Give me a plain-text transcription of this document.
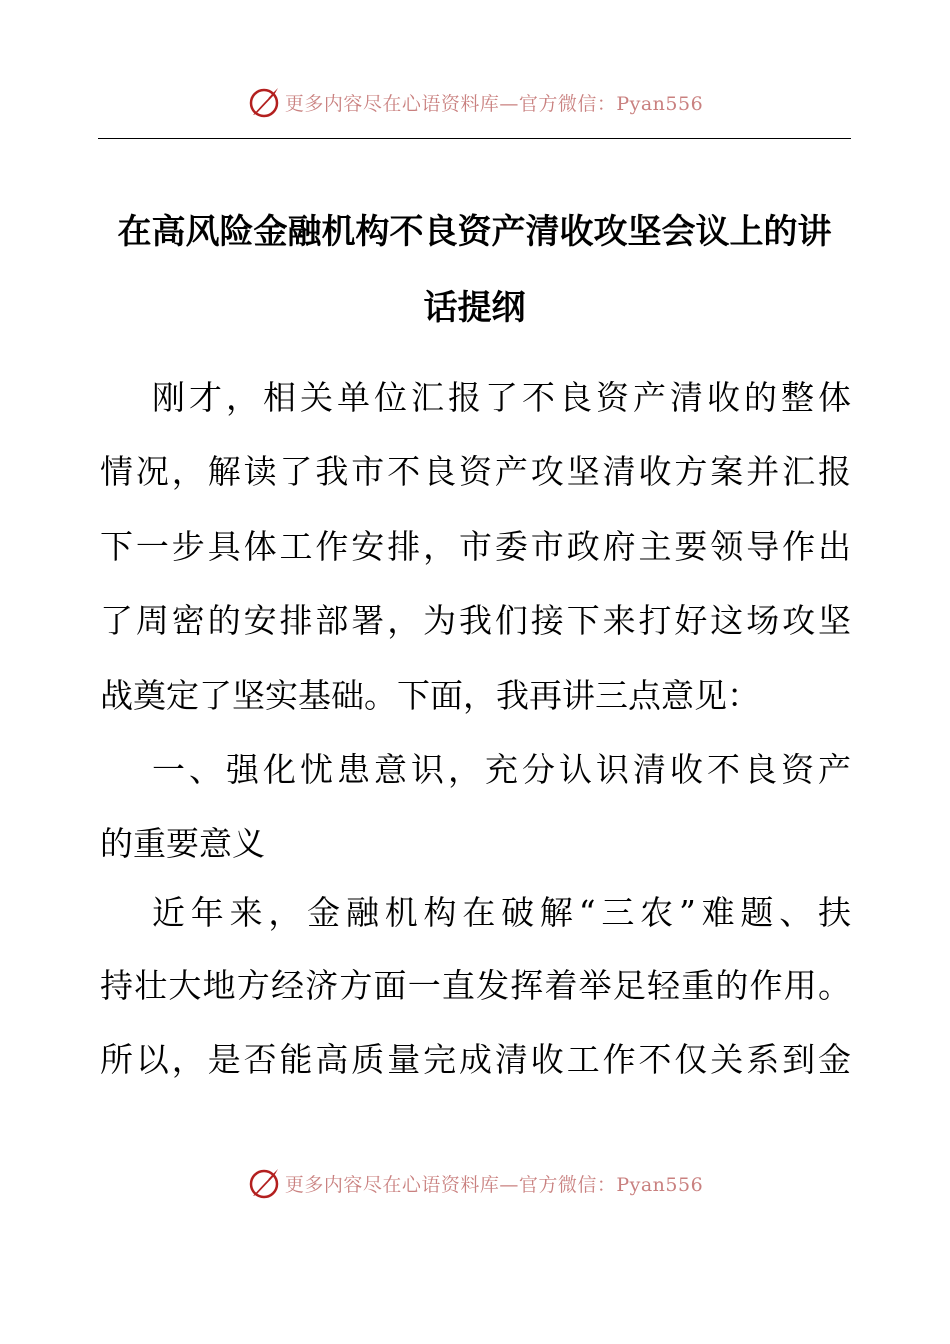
更多内容尽在心语资料库—官方微信：Pyan556
在高风险金融机构不良资产清收攻坚会议上的讲
话提纲
刚才，相关单位汇报了不良资产清收的整体
情况，解读了我市不良资产攻坚清收方案并汇报
下一步具体工作安排，市委市政府主要领导作出
了周密的安排部署，为我们接下来打好这场攻坚
战奠定了坚实基础。下面，我再讲三点意见：
一、强化忧患意识，充分认识清收不良资产
的重要意义
近年来，金融机构在破解“三农”难题、扶
持壮大地方经济方面一直发挥着举足轻重的作用。
所以，是否能高质量完成清收工作不仅关系到金
更多内容尽在心语资料库—官方微信：Pyan556
